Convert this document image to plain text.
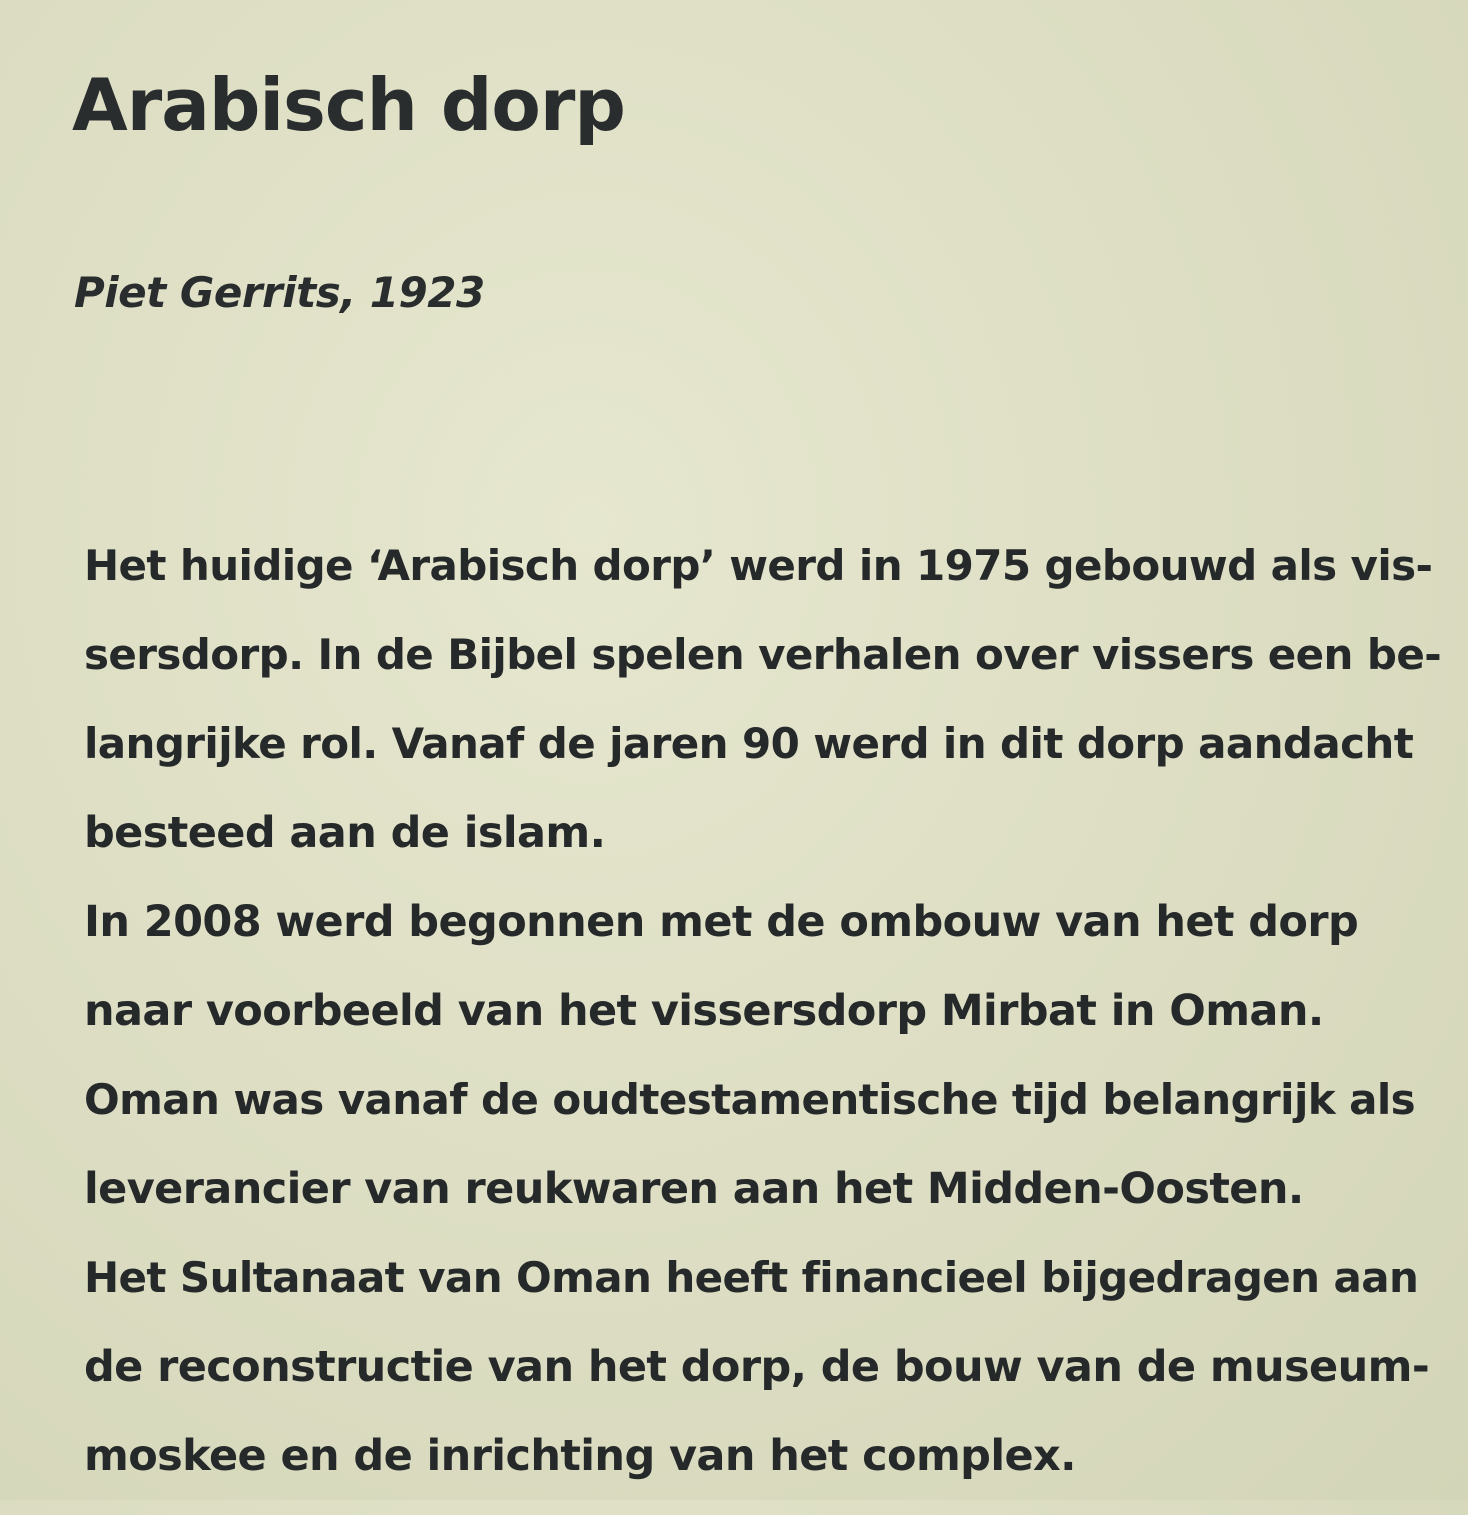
Arabisch dorp

Piet Gerrits, 1923

Het huidige ‘Arabisch dorp’ werd in 1975 gebouwd als vis-
sersdorp. In de Bijbel spelen verhalen over vissers een be-
langrijke rol. Vanaf de jaren 90 werd in dit dorp aandacht
besteed aan de islam.
In 2008 werd begonnen met de ombouw van het dorp
naar voorbeeld van het vissersdorp Mirbat in Oman.
Oman was vanaf de oudtestamentische tijd belangrijk als
leverancier van reukwaren aan het Midden-Oosten.
Het Sultanaat van Oman heeft financieel bijgedragen aan
de reconstructie van het dorp, de bouw van de museum-
moskee en de inrichting van het complex.
